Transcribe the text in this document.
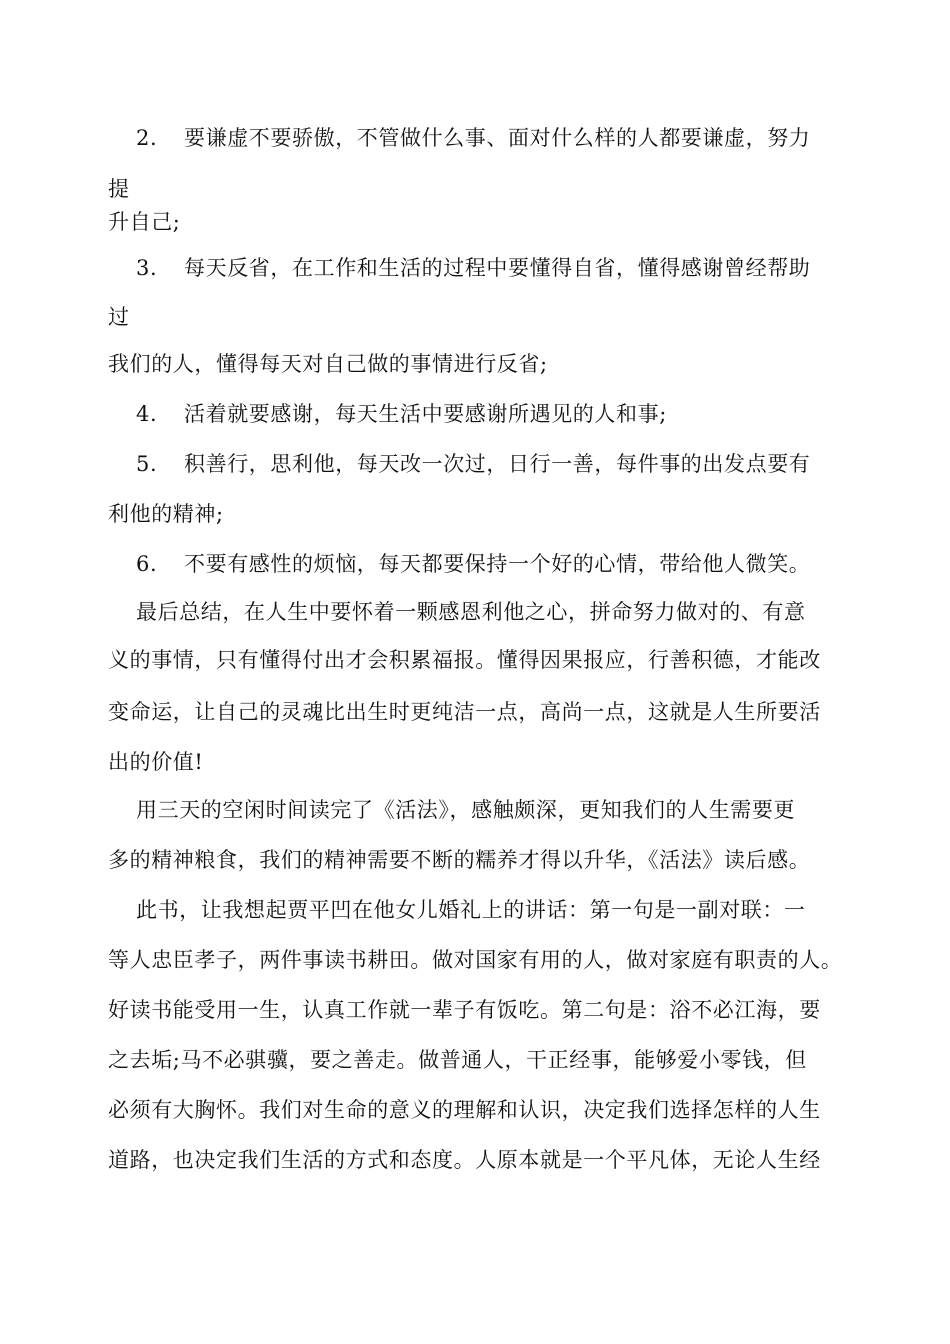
2. 要谦虚不要骄傲，不管做什么事、面对什么样的人都要谦虚，努力
提
升自己;
3. 每天反省，在工作和生活的过程中要懂得自省，懂得感谢曾经帮助
过
我们的人，懂得每天对自己做的事情进行反省;
4. 活着就要感谢，每天生活中要感谢所遇见的人和事;
5. 积善行，思利他，每天改一次过，日行一善，每件事的出发点要有
利他的精神;
6. 不要有感性的烦恼，每天都要保持一个好的心情，带给他人微笑。
最后总结，在人生中要怀着一颗感恩利他之心，拼命努力做对的、有意
义的事情，只有懂得付出才会积累福报。懂得因果报应，行善积德，才能改
变命运，让自己的灵魂比出生时更纯洁一点，高尚一点，这就是人生所要活
出的价值!
用三天的空闲时间读完了《活法》，感触颇深，更知我们的人生需要更
多的精神粮食，我们的精神需要不断的糯养才得以升华，《活法》读后感。
此书，让我想起贾平凹在他女儿婚礼上的讲话：第一句是一副对联：一
等人忠臣孝子，两件事读书耕田。做对国家有用的人，做对家庭有职责的人。
好读书能受用一生，认真工作就一辈子有饭吃。第二句是：浴不必江海，要
之去垢;马不必骐骥，要之善走。做普通人，干正经事，能够爱小零钱，但
必须有大胸怀。我们对生命的意义的理解和认识，决定我们选择怎样的人生
道路，也决定我们生活的方式和态度。人原本就是一个平凡体，无论人生经
